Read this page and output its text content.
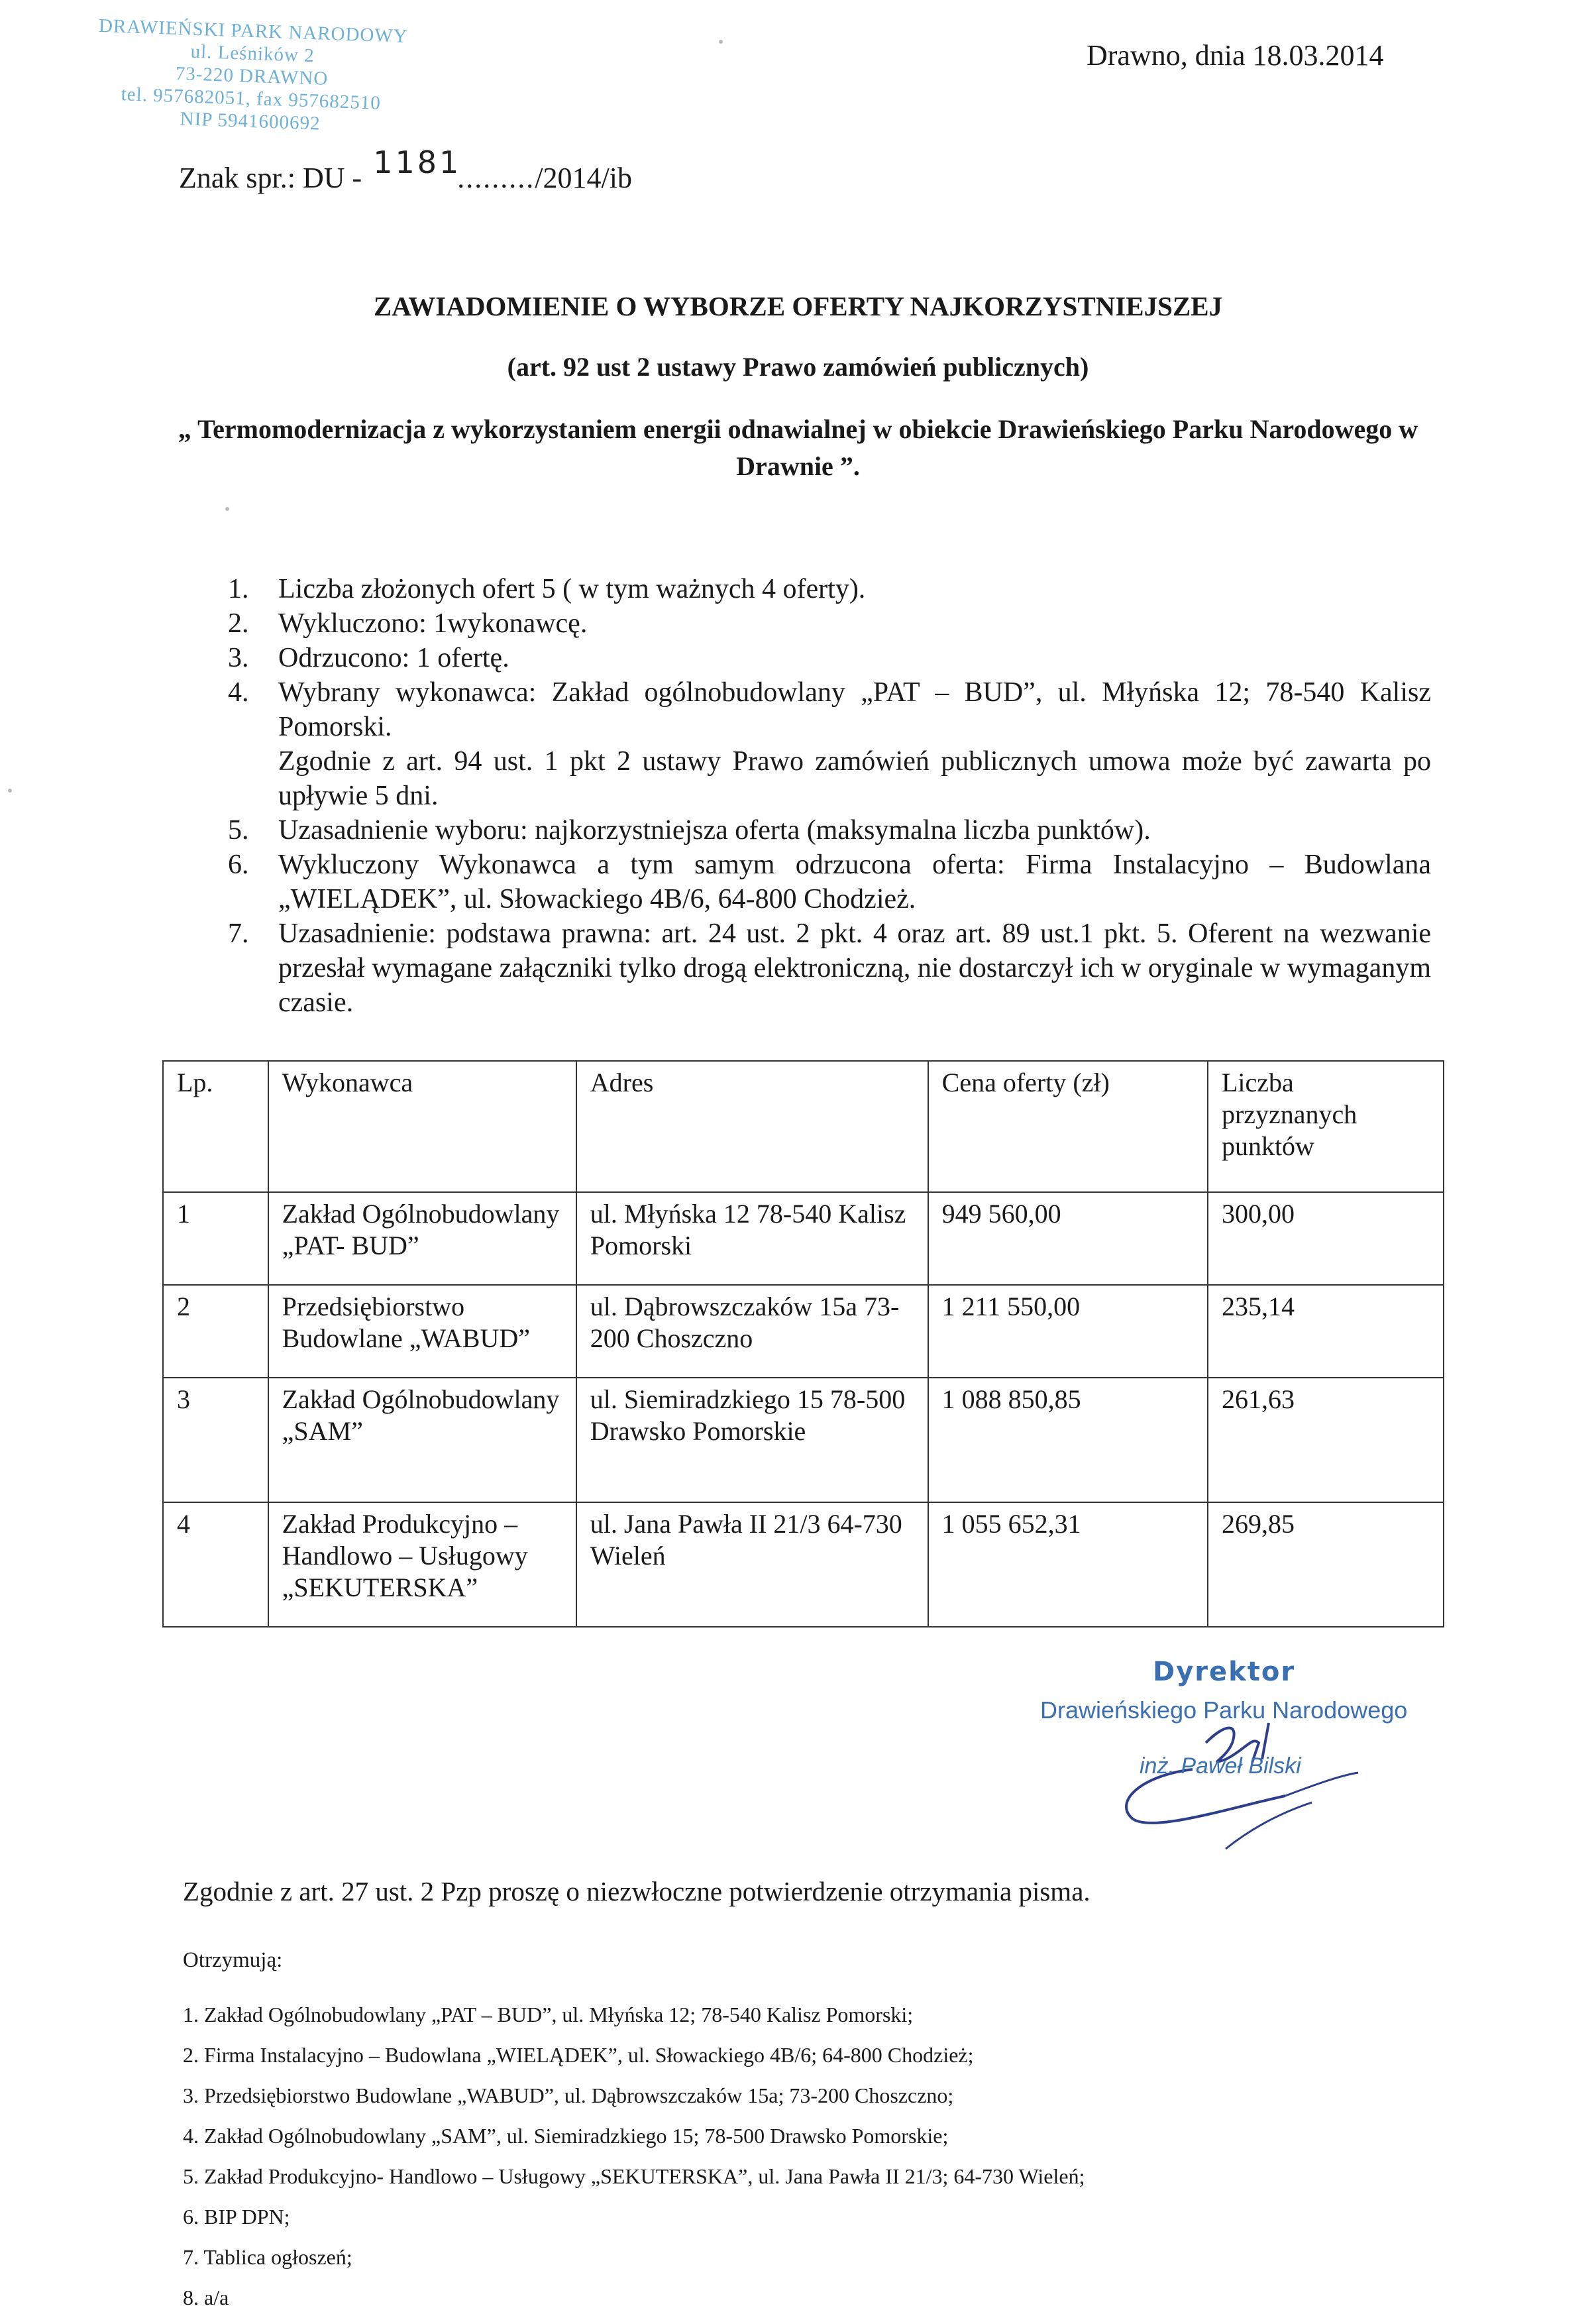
DRAWIEŃSKI PARK NARODOWY
ul. Leśników 2
73-220 DRAWNO
tel. 957682051, fax 957682510
NIP 5941600692
Drawno, dnia 18.03.2014
Znak spr.: DU - 1181........./2014/ib
ZAWIADOMIENIE O WYBORZE OFERTY NAJKORZYSTNIEJSZEJ
(art. 92 ust 2 ustawy Prawo zamówień publicznych)
„ Termomodernizacja z wykorzystaniem energii odnawialnej w obiekcie Drawieńskiego Parku Narodowego w Drawnie ”.
1. Liczba złożonych ofert 5 ( w tym ważnych 4 oferty).
2. Wykluczono: 1wykonawcę.
3. Odrzucono: 1 ofertę.
4. Wybrany wykonawca: Zakład ogólnobudowlany „PAT – BUD”, ul. Młyńska 12; 78-540 Kalisz Pomorski.
Zgodnie z art. 94 ust. 1 pkt 2 ustawy Prawo zamówień publicznych umowa może być zawarta po upływie 5 dni.
5. Uzasadnienie wyboru: najkorzystniejsza oferta (maksymalna liczba punktów).
6. Wykluczony Wykonawca a tym samym odrzucona oferta: Firma Instalacyjno – Budowlana „WIELĄDEK”, ul. Słowackiego 4B/6, 64-800 Chodzież.
7. Uzasadnienie: podstawa prawna: art. 24 ust. 2 pkt. 4 oraz art. 89 ust.1 pkt. 5. Oferent na wezwanie przesłał wymagane załączniki tylko drogą elektroniczną, nie dostarczył ich w oryginale w wymaganym czasie.
Lp.	Wykonawca	Adres	Cena oferty (zł)	Liczba przyznanych punktów
1	Zakład Ogólnobudowlany „PAT- BUD”	ul. Młyńska 12 78-540 Kalisz Pomorski	949 560,00	300,00
2	Przedsiębiorstwo Budowlane „WABUD”	ul. Dąbrowszczaków 15a 73-200 Choszczno	1 211 550,00	235,14
3	Zakład Ogólnobudowlany „SAM”	ul. Siemiradzkiego 15 78-500 Drawsko Pomorskie	1 088 850,85	261,63
4	Zakład Produkcyjno – Handlowo – Usługowy „SEKUTERSKA”	ul. Jana Pawła II 21/3 64-730 Wieleń	1 055 652,31	269,85
Dyrektor
Drawieńskiego Parku Narodowego
inż. Paweł Bilski
Zgodnie z art. 27 ust. 2 Pzp proszę o niezwłoczne potwierdzenie otrzymania pisma.
Otrzymują:
1. Zakład Ogólnobudowlany „PAT – BUD”, ul. Młyńska 12; 78-540 Kalisz Pomorski;
2. Firma Instalacyjno – Budowlana „WIELĄDEK”, ul. Słowackiego 4B/6; 64-800 Chodzież;
3. Przedsiębiorstwo Budowlane „WABUD”, ul. Dąbrowszczaków 15a; 73-200 Choszczno;
4. Zakład Ogólnobudowlany „SAM”, ul. Siemiradzkiego 15; 78-500 Drawsko Pomorskie;
5. Zakład Produkcyjno- Handlowo – Usługowy „SEKUTERSKA”, ul. Jana Pawła II 21/3; 64-730 Wieleń;
6. BIP DPN;
7. Tablica ogłoszeń;
8. a/a
